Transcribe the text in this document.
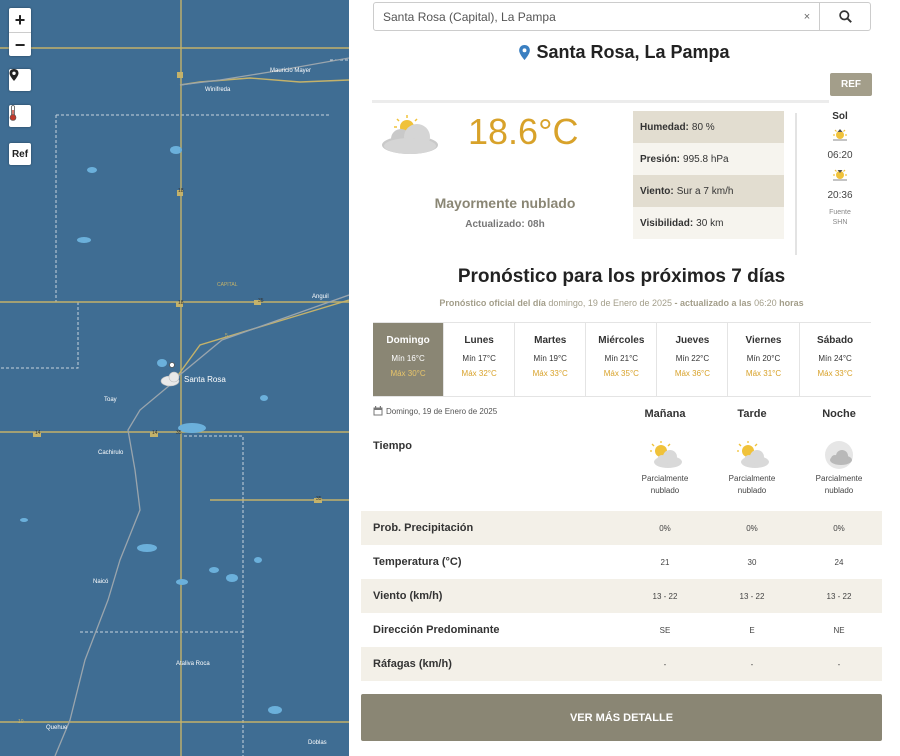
Mauricio Mayer
Winifreda
CAPITAL
Anguil
Santa Rosa
Toay
Cachirulo
Naicó
Ataliva Roca
Quehue
Doblas
35
18
14
14
35
5
18
10
35
+
−
Ref
Santa Rosa (Capital), La Pampa
×
Santa Rosa, La Pampa
REF
18.6°C
Mayormente nublado
Actualizado: 08h
Humedad: 80 %
Presión: 995.8 hPa
Viento: Sur a 7 km/h
Visibilidad: 30 km
Sol
06:20
20:36
Fuente
SHN
Pronóstico para los próximos 7 días
Pronóstico oficial del día domingo, 19 de Enero de 2025 - actualizado a las 06:20 horas
Domingo
Mín 16°C
Máx 30°C
Lunes
Mín 17°C
Máx 32°C
Martes
Mín 19°C
Máx 33°C
Miércoles
Mín 21°C
Máx 35°C
Jueves
Mín 22°C
Máx 36°C
Viernes
Mín 20°C
Máx 31°C
Sábado
Mín 24°C
Máx 33°C
Domingo, 19 de Enero de 2025	Mañana	Tarde	Noche
Tiempo
Parcialmente
nublado
Parcialmente
nublado
Parcialmente
nublado
Prob. Precipitación	0%	0%	0%
Temperatura (°C)	21	30	24
Viento (km/h)	13 - 22	13 - 22	13 - 22
Dirección Predominante	SE	E	NE
Ráfagas (km/h)	-	-	-
VER MÁS DETALLE
